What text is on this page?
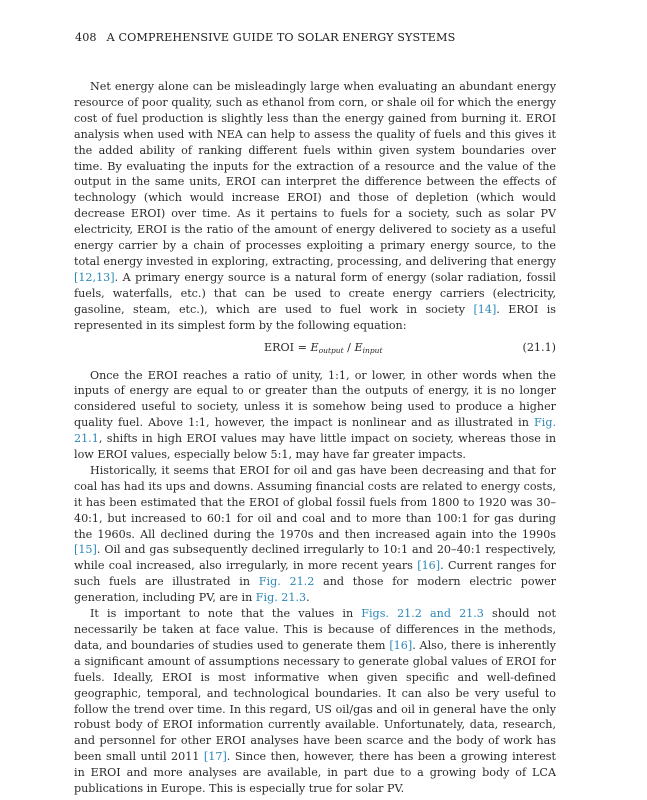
408 A COMPREHENSIVE GUIDE TO SOLAR ENERGY SYSTEMS

Net energy alone can be misleadingly large when evaluating an abundant energy resource of poor quality, such as ethanol from corn, or shale oil for which the energy cost of fuel production is slightly less than the energy gained from burning it. EROI analysis when used with NEA can help to assess the quality of fuels and this gives it the added ability of ranking different fuels within given system boundaries over time. By evaluating the inputs for the extraction of a resource and the value of the output in the same units, EROI can interpret the difference between the effects of technology (which would increase EROI) and those of depletion (which would decrease EROI) over time. As it pertains to fuels for a society, such as solar PV electricity, EROI is the ratio of the amount of energy delivered to society as a useful energy carrier by a chain of processes exploiting a primary energy source, to the total energy invested in exploring, extracting, processing, and delivering that energy [12,13]. A primary energy source is a natural form of energy (solar radiation, fossil fuels, waterfalls, etc.) that can be used to create energy carriers (electricity, gasoline, steam, etc.), which are used to fuel work in society [14]. EROI is represented in its simplest form by the following equation:

EROI = $E_{output} / E_{input}$	(21.1)

Once the EROI reaches a ratio of unity, 1:1, or lower, in other words when the inputs of energy are equal to or greater than the outputs of energy, it is no longer considered useful to society, unless it is somehow being used to produce a higher quality fuel. Above 1:1, however, the impact is nonlinear and as illustrated in Fig. 21.1, shifts in high EROI values may have little impact on society, whereas those in low EROI values, especially below 5:1, may have far greater impacts.

Historically, it seems that EROI for oil and gas have been decreasing and that for coal has had its ups and downs. Assuming financial costs are related to energy costs, it has been estimated that the EROI of global fossil fuels from 1800 to 1920 was 30–40:1, but increased to 60:1 for oil and coal and to more than 100:1 for gas during the 1960s. All declined during the 1970s and then increased again into the 1990s [15]. Oil and gas subsequently declined irregularly to 10:1 and 20–40:1 respectively, while coal increased, also irregularly, in more recent years [16]. Current ranges for such fuels are illustrated in Fig. 21.2 and those for modern electric power generation, including PV, are in Fig. 21.3.

It is important to note that the values in Figs. 21.2 and 21.3 should not necessarily be taken at face value. This is because of differences in the methods, data, and boundaries of studies used to generate them [16]. Also, there is inherently a significant amount of assumptions necessary to generate global values of EROI for fuels. Ideally, EROI is most informative when given specific and well-defined geographic, temporal, and technological boundaries. It can also be very useful to follow the trend over time. In this regard, US oil/gas and oil in general have the only robust body of EROI information currently available. Unfortunately, data, research, and personnel for other EROI analyses have been scarce and the body of work has been small until 2011 [17]. Since then, however, there has been a growing interest in EROI and more analyses are available, in part due to a growing body of LCA publications in Europe. This is especially true for solar PV.
